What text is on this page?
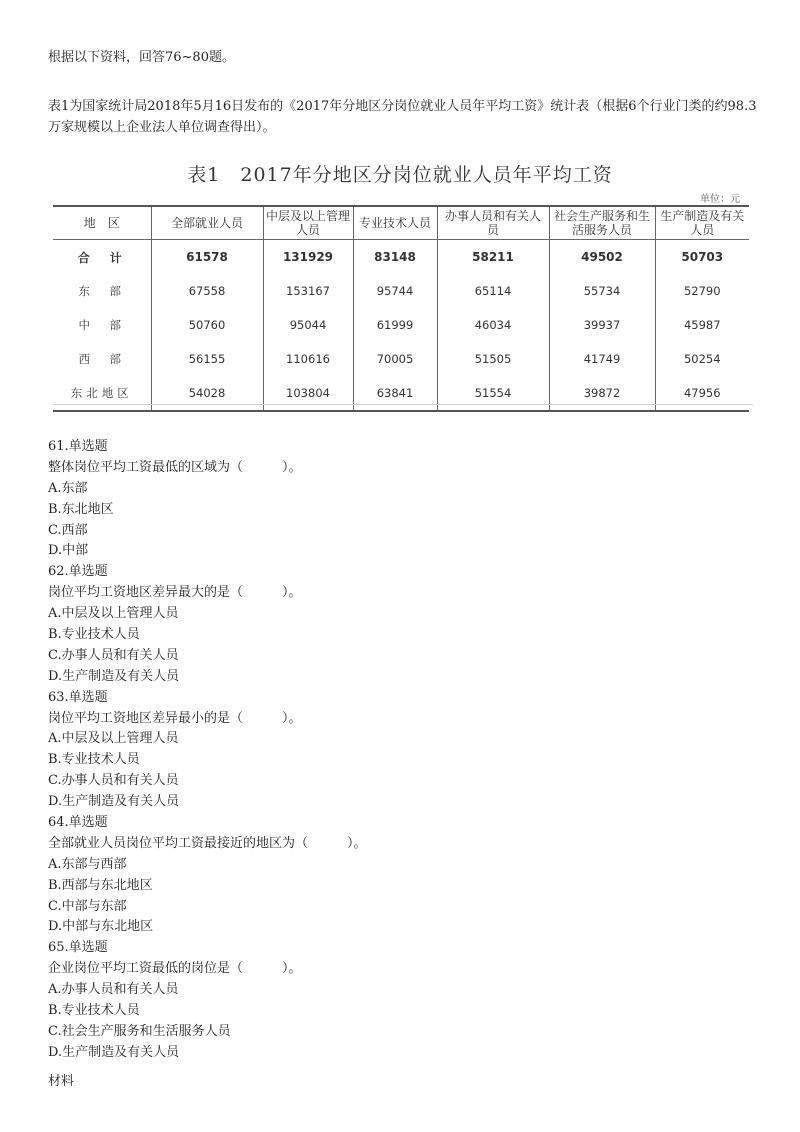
根据以下资料，回答76~80题。
表1为国家统计局2018年5月16日发布的《2017年分地区分岗位就业人员年平均工资》统计表（根据6个行业门类的约98.3万家规模以上企业法人单位调查得出）。
表1　2017年分地区分岗位就业人员年平均工资
单位：元
地　区	全部就业人员	中层及以上管理人员	专业技术人员	办事人员和有关人员	社会生产服务和生活服务人员	生产制造及有关人员
合　计	61578	131929	83148	58211	49502	50703
东　部	67558	153167	95744	65114	55734	52790
中　部	50760	95044	61999	46034	39937	45987
西　部	56155	110616	70005	51505	41749	50254
东北地区	54028	103804	63841	51554	39872	47956
61.单选题
整体岗位平均工资最低的区域为（　　　）。
A.东部
B.东北地区
C.西部
D.中部
62.单选题
岗位平均工资地区差异最大的是（　　　）。
A.中层及以上管理人员
B.专业技术人员
C.办事人员和有关人员
D.生产制造及有关人员
63.单选题
岗位平均工资地区差异最小的是（　　　）。
A.中层及以上管理人员
B.专业技术人员
C.办事人员和有关人员
D.生产制造及有关人员
64.单选题
全部就业人员岗位平均工资最接近的地区为（　　　）。
A.东部与西部
B.西部与东北地区
C.中部与东部
D.中部与东北地区
65.单选题
企业岗位平均工资最低的岗位是（　　　）。
A.办事人员和有关人员
B.专业技术人员
C.社会生产服务和生活服务人员
D.生产制造及有关人员
材料
